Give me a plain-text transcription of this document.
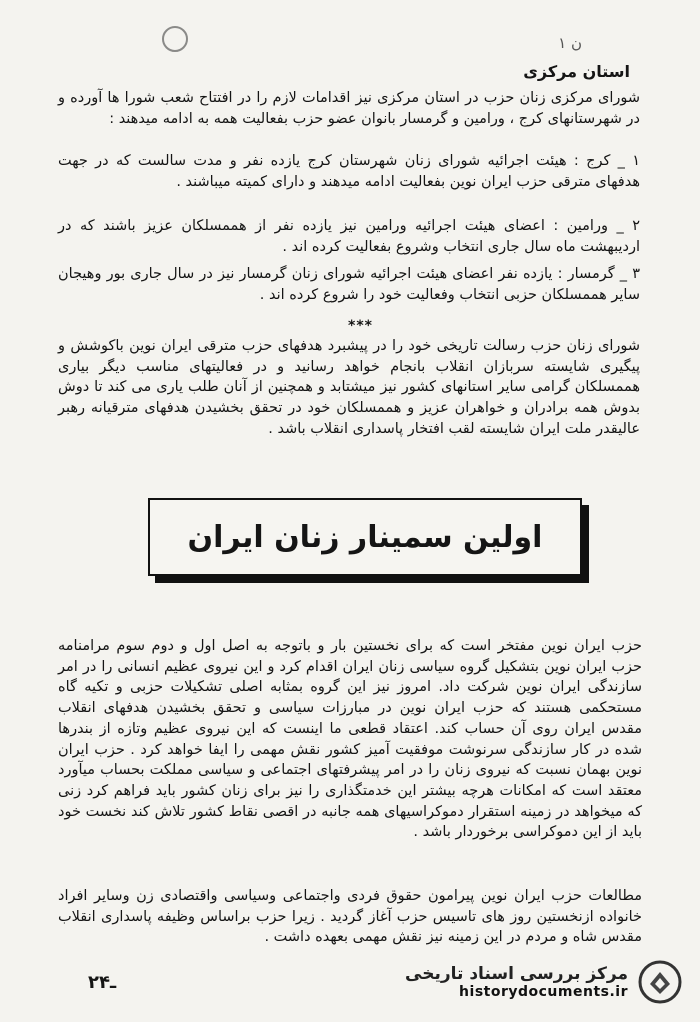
ن ۱
استان مرکزی

شورای مرکزی زنان حزب در استان مرکزی نیز اقدامات لازم را در افتتاح شعب شورا ها آورده و در شهرستانهای کرج ، ورامین و گرمسار بانوان عضو حزب بفعالیت همه به ادامه میدهند :

۱ _ کرج : هیئت اجرائیه شورای زنان شهرستان کرج یازده نفر و مدت سالست که در جهت هدفهای مترقی حزب ایران نوین بفعالیت ادامه میدهند و دارای کمیته میباشند .

۲ _ ورامین : اعضای هیئت اجرائیه ورامین نیز یازده نفر از هممسلکان عزیز باشند که در اردیبهشت ماه سال جاری انتخاب وشروع بفعالیت کرده اند .

۳ _ گرمسار : یازده نفر اعضای هیئت اجرائیه شورای زنان گرمسار نیز در سال جاری بور وهیجان سایر هممسلکان حزبی انتخاب وفعالیت خود را شروع کرده اند .

***

شورای زنان حزب رسالت تاریخی خود را در پیشبرد هدفهای حزب مترقی ایران نوین باکوشش و پیگیری شایسته سربازان انقلاب بانجام خواهد رسانید و در فعالیتهای مناسب دیگر بیاری هممسلکان گرامی سایر استانهای کشور نیز میشتابد و همچنین از آنان طلب یاری می کند تا دوش بدوش همه برادران و خواهران عزیز و هممسلکان خود در تحقق بخشیدن هدفهای مترقیانه رهبر عالیقدر ملت ایران شایسته لقب افتخار پاسداری انقلاب باشد .

اولین سمینار زنان ایران

حزب ایران نوین مفتخر است که برای نخستین بار و باتوجه به اصل اول و دوم سوم مرامنامه حزب ایران نوین بتشکیل گروه سیاسی زنان ایران اقدام کرد و این نیروی عظیم انسانی را در امر سازندگی ایران نوین شرکت داد. امروز نیز این گروه بمثابه اصلی تشکیلات حزبی و تکیه گاه مستحکمی هستند که حزب ایران نوین در مبارزات سیاسی و تحقق بخشیدن هدفهای انقلاب مقدس ایران روی آن حساب کند. اعتقاد قطعی ما اینست که این نیروی عظیم وتازه از بندرها شده در کار سازندگی سرنوشت موفقیت آمیز کشور نقش مهمی را ایفا خواهد کرد . حزب ایران نوین بهمان نسبت که نیروی زنان را در امر پیشرفتهای اجتماعی و سیاسی مملکت بحساب میآورد معتقد است که امکانات هرچه بیشتر این خدمتگذاری را نیز برای زنان کشور باید فراهم کرد زنی که میخواهد در زمینه استقرار دموکراسیهای همه جانبه در اقصی نقاط کشور تلاش کند نخست خود باید از این دموکراسی برخوردار باشد .

مطالعات حزب ایران نوین پیرامون حقوق فردی واجتماعی وسیاسی واقتصادی زن وسایر افراد خانواده ازنخستین روز های تاسیس حزب آغاز گردید . زیرا حزب براساس وظیفه پاسداری انقلاب مقدس شاه و مردم در این زمینه نیز نقش مهمی بعهده داشت .

۲۴ـ	مرکز بررسی اسناد تاریخی
historydocuments.ir
